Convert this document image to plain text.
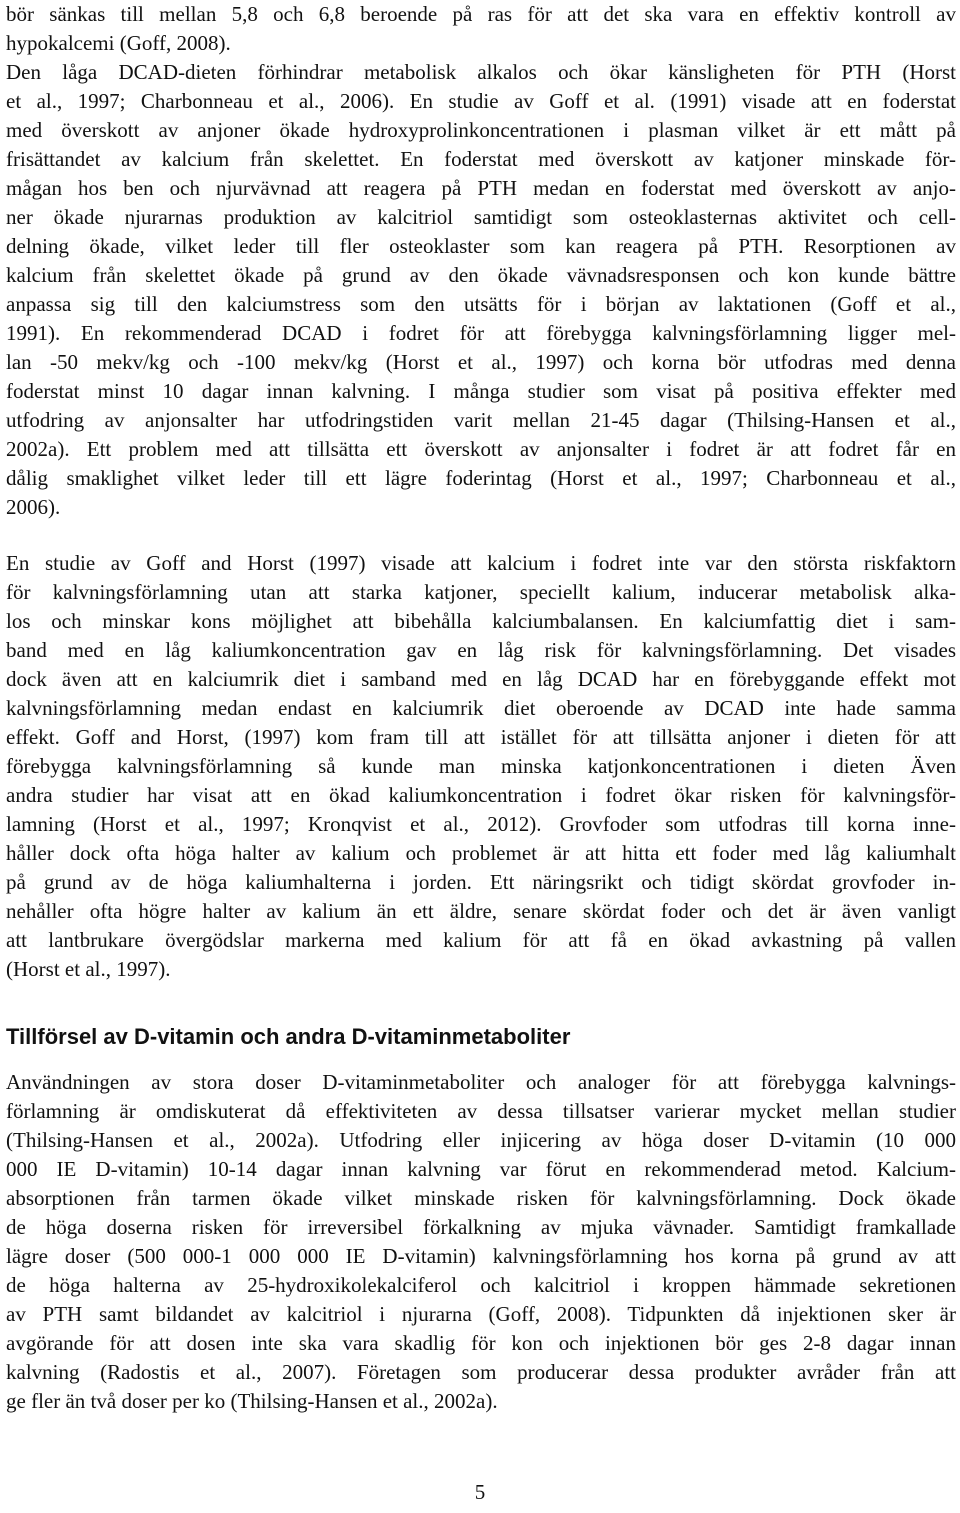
bör sänkas till mellan 5,8 och 6,8 beroende på ras för att det ska vara en effektiv kontroll av
hypokalcemi (Goff, 2008).
Den låga DCAD-dieten förhindrar metabolisk alkalos och ökar känsligheten för PTH (Horst
et al., 1997; Charbonneau et al., 2006). En studie av Goff et al. (1991) visade att en foderstat
med överskott av anjoner ökade hydroxyprolinkoncentrationen i plasman vilket är ett mått på
frisättandet av kalcium från skelettet. En foderstat med överskott av katjoner minskade för-
mågan hos ben och njurvävnad att reagera på PTH medan en foderstat med överskott av anjo-
ner ökade njurarnas produktion av kalcitriol samtidigt som osteoklasternas aktivitet och cell-
delning ökade, vilket leder till fler osteoklaster som kan reagera på PTH. Resorptionen av
kalcium från skelettet ökade på grund av den ökade vävnadsresponsen och kon kunde bättre
anpassa sig till den kalciumstress som den utsätts för i början av laktationen (Goff et al.,
1991). En rekommenderad DCAD i fodret för att förebygga kalvningsförlamning ligger mel-
lan -50 mekv/kg och -100 mekv/kg (Horst et al., 1997) och korna bör utfodras med denna
foderstat minst 10 dagar innan kalvning. I många studier som visat på positiva effekter med
utfodring av anjonsalter har utfodringstiden varit mellan 21-45 dagar (Thilsing-Hansen et al.,
2002a). Ett problem med att tillsätta ett överskott av anjonsalter i fodret är att fodret får en
dålig smaklighet vilket leder till ett lägre foderintag (Horst et al., 1997; Charbonneau et al.,
2006).
En studie av Goff and Horst (1997) visade att kalcium i fodret inte var den största riskfaktorn
för kalvningsförlamning utan att starka katjoner, speciellt kalium, inducerar metabolisk alka-
los och minskar kons möjlighet att bibehålla kalciumbalansen. En kalciumfattig diet i sam-
band med en låg kaliumkoncentration gav en låg risk för kalvningsförlamning. Det visades
dock även att en kalciumrik diet i samband med en låg DCAD har en förebyggande effekt mot
kalvningsförlamning medan endast en kalciumrik diet oberoende av DCAD inte hade samma
effekt. Goff and Horst, (1997) kom fram till att istället för att tillsätta anjoner i dieten för att
förebygga kalvningsförlamning så kunde man minska katjonkoncentrationen i dieten Även
andra studier har visat att en ökad kaliumkoncentration i fodret ökar risken för kalvningsför-
lamning (Horst et al., 1997; Kronqvist et al., 2012). Grovfoder som utfodras till korna inne-
håller dock ofta höga halter av kalium och problemet är att hitta ett foder med låg kaliumhalt
på grund av de höga kaliumhalterna i jorden. Ett näringsrikt och tidigt skördat grovfoder in-
nehåller ofta högre halter av kalium än ett äldre, senare skördat foder och det är även vanligt
att lantbrukare övergödslar markerna med kalium för att få en ökad avkastning på vallen
(Horst et al., 1997).
Tillförsel av D-vitamin och andra D-vitaminmetaboliter
Användningen av stora doser D-vitaminmetaboliter och analoger för att förebygga kalvnings-
förlamning är omdiskuterat då effektiviteten av dessa tillsatser varierar mycket mellan studier
(Thilsing-Hansen et al., 2002a). Utfodring eller injicering av höga doser D-vitamin (10 000
000 IE D-vitamin) 10-14 dagar innan kalvning var förut en rekommenderad metod. Kalcium-
absorptionen från tarmen ökade vilket minskade risken för kalvningsförlamning. Dock ökade
de höga doserna risken för irreversibel förkalkning av mjuka vävnader. Samtidigt framkallade
lägre doser (500 000-1 000 000 IE D-vitamin) kalvningsförlamning hos korna på grund av att
de höga halterna av 25-hydroxikolekalciferol och kalcitriol i kroppen hämmade sekretionen
av PTH samt bildandet av kalcitriol i njurarna (Goff, 2008). Tidpunkten då injektionen sker är
avgörande för att dosen inte ska vara skadlig för kon och injektionen bör ges 2-8 dagar innan
kalvning (Radostis et al., 2007). Företagen som producerar dessa produkter avråder från att
ge fler än två doser per ko (Thilsing-Hansen et al., 2002a).
5
